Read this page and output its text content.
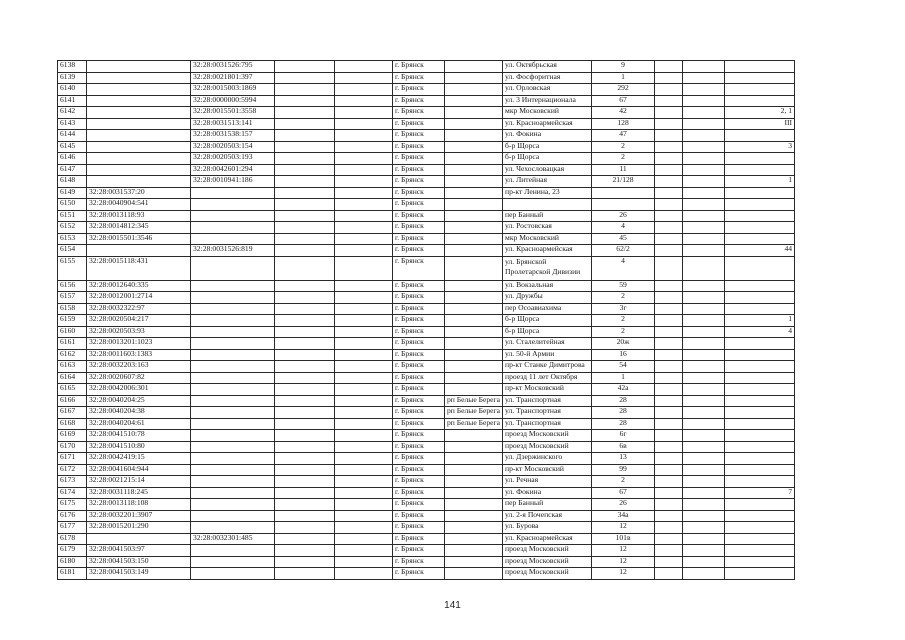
6138		32:28:0031526:795			г. Брянск		ул. Октябрьская	9			
6139		32:28:0021801:397			г. Брянск		ул. Фосфоритная	1			
6140		32:28:0015003:1869			г. Брянск		ул. Орловская	292			
6141		32:28:0000000:5994			г. Брянск		ул. 3 Интернационала	67			
6142		32:28:0015501:3558			г. Брянск		мкр Московский	42			2, 1
6143		32:28:0031513:141			г. Брянск		ул. Красноармейская	128			III
6144		32:28:0031538:157			г. Брянск		ул. Фокина	47			
6145		32:28:0020503:154			г. Брянск		б-р Щорса	2			3
6146		32:28:0020503:193			г. Брянск		б-р Щорса	2			
6147		32:28:0042601:294			г. Брянск		ул. Чехословацкая	11			
6148		32:28:0010941:186			г. Брянск		ул. Литейная	21/128			1
6149	32:28:0031537:20				г. Брянск		пр-кт Ленина, 23				
6150	32:28:0040904:541				г. Брянск						
6151	32:28:0013118:93				г. Брянск		пер Банный	26			
6152	32:28:0014812:345				г. Брянск		ул. Ростовская	4			
6153	32:28:0015501:3546				г. Брянск		мкр Московский	45			
6154		32:28:0031526:819			г. Брянск		ул. Красноармейская	62/2			44
6155	32:28:0015118:431				г. Брянск		ул. Брянской Пролетарской Дивизии	4			
6156	32:28:0012640:335				г. Брянск		ул. Вокзальная	59			
6157	32:28:0012001:2714				г. Брянск		ул. Дружбы	2			
6158	32:28:0032322:97				г. Брянск		пер Осоавиахима	3г			
6159	32:28:0020504:217				г. Брянск		б-р Щорса	2			1
6160	32:28:0020503:93				г. Брянск		б-р Щорса	2			4
6161	32:28:0013201:1023				г. Брянск		ул. Сталелитейная	20ж			
6162	32:28:0011603:1383				г. Брянск		ул. 50-й Армии	16			
6163	32:28:0032203:163				г. Брянск		пр-кт Станке Димитрова	54			
6164	32:28:0020607:82				г. Брянск		проезд 11 лет Октября	1			
6165	32:28:0042006:301				г. Брянск		пр-кт Московский	42а			
6166	32:28:0040204:25				г. Брянск	рп Белые Берега	ул. Транспортная	28			
6167	32:28:0040204:38				г. Брянск	рп Белые Берега	ул. Транспортная	28			
6168	32:28:0040204:61				г. Брянск	рп Белые Берега	ул. Транспортная	28			
6169	32:28:0041510:78				г. Брянск		проезд Московский	6г			
6170	32:28:0041510:80				г. Брянск		проезд Московский	6в			
6171	32:28:0042419:15				г. Брянск		ул. Дзержинского	13			
6172	32:28:0041604:944				г. Брянск		пр-кт Московский	99			
6173	32:28:0021215:14				г. Брянск		ул. Речная	2			
6174	32:28:0031118:245				г. Брянск		ул. Фокина	67			7
6175	32:28:0013118:108				г. Брянск		пер Банный	26			
6176	32:28:0032201:3907				г. Брянск		ул. 2-я Почепская	34а			
6177	32:28:0015201:290				г. Брянск		ул. Бурова	12			
6178		32:28:0032301:485			г. Брянск		ул. Красноармейская	101в			
6179	32:28:0041503:97				г. Брянск		проезд Московский	12			
6180	32:28:0041503:150				г. Брянск		проезд Московский	12			
6181	32:28:0041503:149				г. Брянск		проезд Московский	12			
141
